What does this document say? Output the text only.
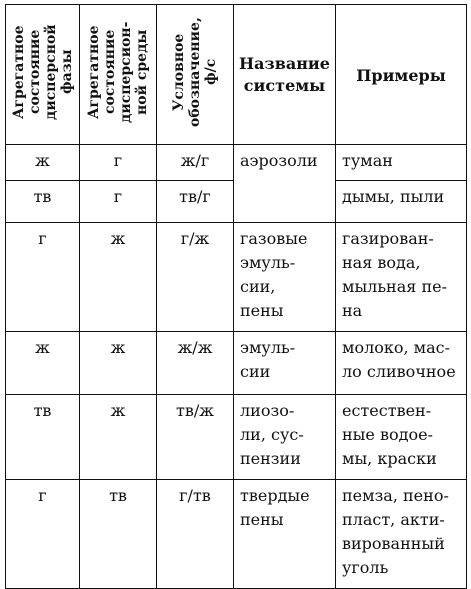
Агрегатное
состояние
дисперсной
фазы	Агрегатное
состояние
дисперсион-
ной среды	Условное
обозначение,
ф/с	Название
системы	Примеры

ж	г	ж/г	аэрозоли	туман
тв	г	тв/г		дымы, пыли
г	ж	г/ж	газовые
эмуль-
сии,
пены	газирован-
ная вода,
мыльная пе-
на
ж	ж	ж/ж	эмуль-
сии	молоко, мас-
ло сливочное
тв	ж	тв/ж	лиозо-
ли, сус-
пензии	естествен-
ные водое-
мы, краски
г	тв	г/тв	твердые
пены	пемза, пено-
пласт, акти-
вированный
уголь
